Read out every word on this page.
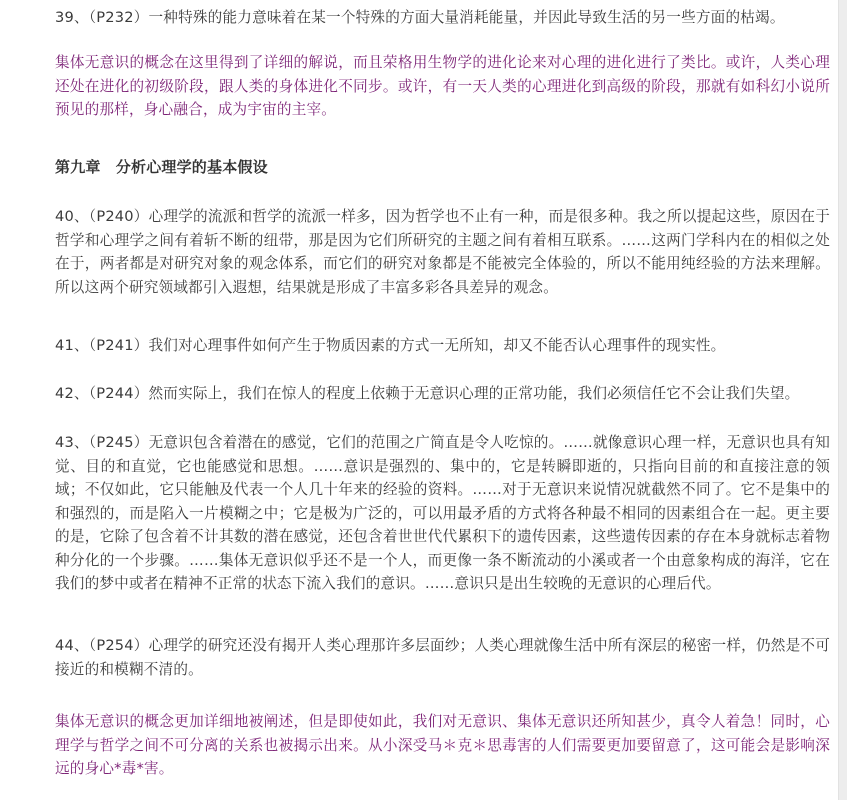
39、（P232）一种特殊的能力意味着在某一个特殊的方面大量消耗能量，并因此导致生活的另一些方面的枯竭。

集体无意识的概念在这里得到了详细的解说，而且荣格用生物学的进化论来对心理的进化进行了类比。或许，人类心理还处在进化的初级阶段，跟人类的身体进化不同步。或许，有一天人类的心理进化到高级的阶段，那就有如科幻小说所预见的那样，身心融合，成为宇宙的主宰。

第九章　分析心理学的基本假设

40、（P240）心理学的流派和哲学的流派一样多，因为哲学也不止有一种，而是很多种。我之所以提起这些，原因在于哲学和心理学之间有着斩不断的纽带，那是因为它们所研究的主题之间有着相互联系。……这两门学科内在的相似之处在于，两者都是对研究对象的观念体系，而它们的研究对象都是不能被完全体验的，所以不能用纯经验的方法来理解。所以这两个研究领域都引入遐想，结果就是形成了丰富多彩各具差异的观念。

41、（P241）我们对心理事件如何产生于物质因素的方式一无所知，却又不能否认心理事件的现实性。

42、（P244）然而实际上，我们在惊人的程度上依赖于无意识心理的正常功能，我们必须信任它不会让我们失望。

43、（P245）无意识包含着潜在的感觉，它们的范围之广简直是令人吃惊的。……就像意识心理一样，无意识也具有知觉、目的和直觉，它也能感觉和思想。……意识是强烈的、集中的，它是转瞬即逝的，只指向目前的和直接注意的领域；不仅如此，它只能触及代表一个人几十年来的经验的资料。……对于无意识来说情况就截然不同了。它不是集中的和强烈的，而是陷入一片模糊之中；它是极为广泛的，可以用最矛盾的方式将各种最不相同的因素组合在一起。更主要的是，它除了包含着不计其数的潜在感觉，还包含着世世代代累积下的遗传因素，这些遗传因素的存在本身就标志着物种分化的一个步骤。……集体无意识似乎还不是一个人，而更像一条不断流动的小溪或者一个由意象构成的海洋，它在我们的梦中或者在精神不正常的状态下流入我们的意识。……意识只是出生较晚的无意识的心理后代。

44、（P254）心理学的研究还没有揭开人类心理那许多层面纱；人类心理就像生活中所有深层的秘密一样，仍然是不可接近的和模糊不清的。

集体无意识的概念更加详细地被阐述，但是即使如此，我们对无意识、集体无意识还所知甚少，真令人着急！同时，心理学与哲学之间不可分离的关系也被揭示出来。从小深受马＊克＊思毒害的人们需要更加要留意了，这可能会是影响深远的身心*毒*害。
